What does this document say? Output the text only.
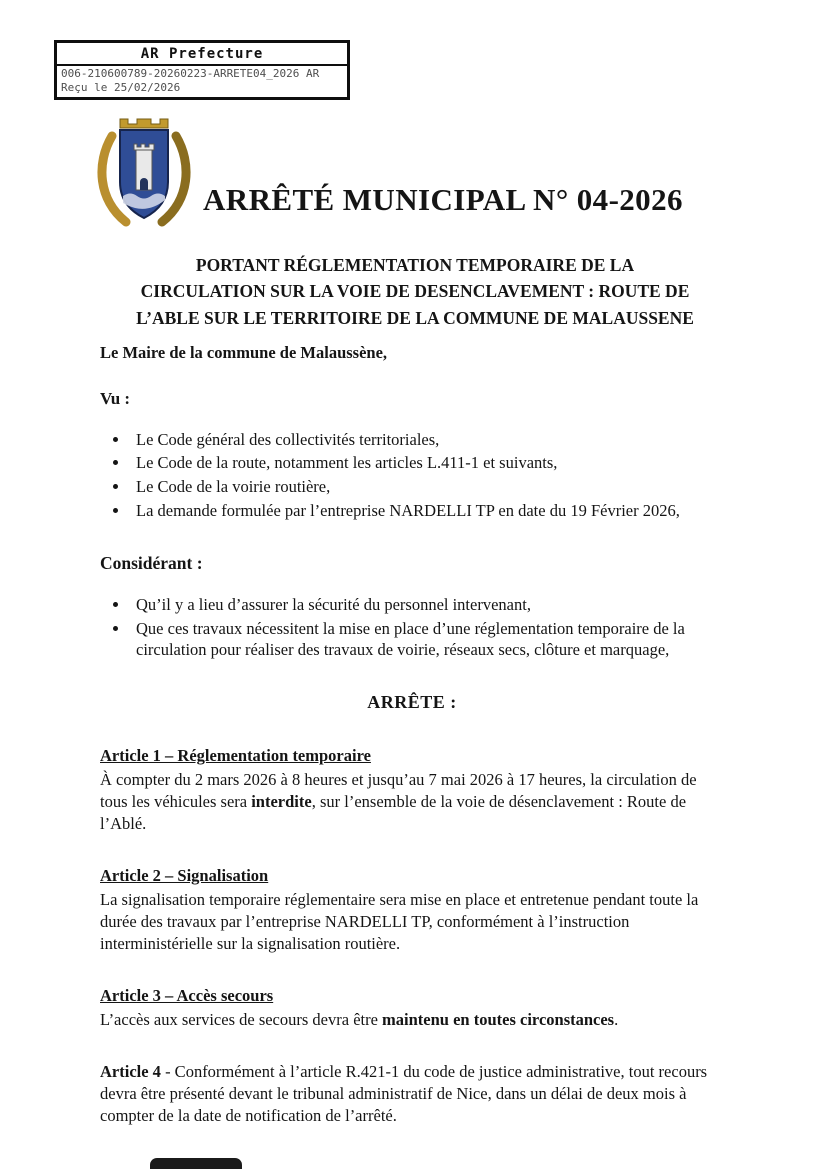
AR Prefecture
006-210600789-20260223-ARRETE04_2026 AR
Reçu le 25/02/2026
ARRÊTÉ MUNICIPAL N° 04-2026
PORTANT RÉGLEMENTATION TEMPORAIRE DE LA
CIRCULATION SUR LA VOIE DE DESENCLAVEMENT : ROUTE DE
L’ABLE SUR LE TERRITOIRE DE LA COMMUNE DE MALAUSSENE
Le Maire de la commune de Malaussène,
Vu :
• Le Code général des collectivités territoriales,
• Le Code de la route, notamment les articles L.411-1 et suivants,
• Le Code de la voirie routière,
• La demande formulée par l’entreprise NARDELLI TP en date du 19 Février 2026,
Considérant :
• Qu’il y a lieu d’assurer la sécurité du personnel intervenant,
• Que ces travaux nécessitent la mise en place d’une réglementation temporaire de la circulation pour réaliser des travaux de voirie, réseaux secs, clôture et marquage,
ARRÊTE :
Article 1 – Réglementation temporaire

À compter du 2 mars 2026 à 8 heures et jusqu’au 7 mai 2026 à 17 heures, la circulation de tous les véhicules sera interdite, sur l’ensemble de la voie de désenclavement : Route de l’Ablé.

Article 2 – Signalisation

La signalisation temporaire réglementaire sera mise en place et entretenue pendant toute la durée des travaux par l’entreprise NARDELLI TP, conformément à l’instruction interministérielle sur la signalisation routière.

Article 3 – Accès secours

L’accès aux services de secours devra être maintenu en toutes circonstances.

Article 4 - Conformément à l’article R.421-1 du code de justice administrative, tout recours devra être présenté devant le tribunal administratif de Nice, dans un délai de deux mois à compter de la date de notification de l’arrêté.
